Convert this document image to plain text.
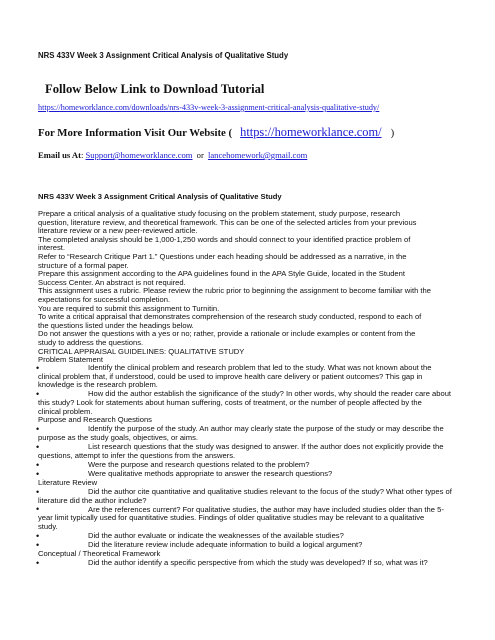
NRS 433V Week 3 Assignment Critical Analysis of Qualitative Study
Follow Below Link to Download Tutorial
https://homeworklance.com/downloads/nrs-433v-week-3-assignment-critical-analysis-qualitative-study/
For More Information Visit Our Website ( https://homeworklance.com/ )
Email us At: Support@homeworklance.com or lancehomework@gmail.com
NRS 433V Week 3 Assignment Critical Analysis of Qualitative Study
Prepare a critical analysis of a qualitative study focusing on the problem statement, study purpose, research
question, literature review, and theoretical framework. This can be one of the selected articles from your previous
literature review or a new peer-reviewed article.
The completed analysis should be 1,000-1,250 words and should connect to your identified practice problem of
interest.
Refer to “Research Critique Part 1.” Questions under each heading should be addressed as a narrative, in the
structure of a formal paper.
Prepare this assignment according to the APA guidelines found in the APA Style Guide, located in the Student
Success Center. An abstract is not required.
This assignment uses a rubric. Please review the rubric prior to beginning the assignment to become familiar with the
expectations for successful completion.
You are required to submit this assignment to Turnitin.
To write a critical appraisal that demonstrates comprehension of the research study conducted, respond to each of
the questions listed under the headings below.
Do not answer the questions with a yes or no; rather, provide a rationale or include examples or content from the
study to address the questions.
CRITICAL APPRAISAL GUIDELINES: QUALITATIVE STUDY
Problem Statement
•	Identify the clinical problem and research problem that led to the study. What was not known about the
clinical problem that, if understood, could be used to improve health care delivery or patient outcomes? This gap in
knowledge is the research problem.
•	How did the author establish the significance of the study? In other words, why should the reader care about
this study? Look for statements about human suffering, costs of treatment, or the number of people affected by the
clinical problem.
Purpose and Research Questions
•	Identify the purpose of the study. An author may clearly state the purpose of the study or may describe the
purpose as the study goals, objectives, or aims.
•	List research questions that the study was designed to answer. If the author does not explicitly provide the
questions, attempt to infer the questions from the answers.
•	Were the purpose and research questions related to the problem?
•	Were qualitative methods appropriate to answer the research questions?
Literature Review
•	Did the author cite quantitative and qualitative studies relevant to the focus of the study? What other types of
literature did the author include?
•	Are the references current? For qualitative studies, the author may have included studies older than the 5-
year limit typically used for quantitative studies. Findings of older qualitative studies may be relevant to a qualitative
study.
•	Did the author evaluate or indicate the weaknesses of the available studies?
•	Did the literature review include adequate information to build a logical argument?
Conceptual / Theoretical Framework
•	Did the author identify a specific perspective from which the study was developed? If so, what was it?
